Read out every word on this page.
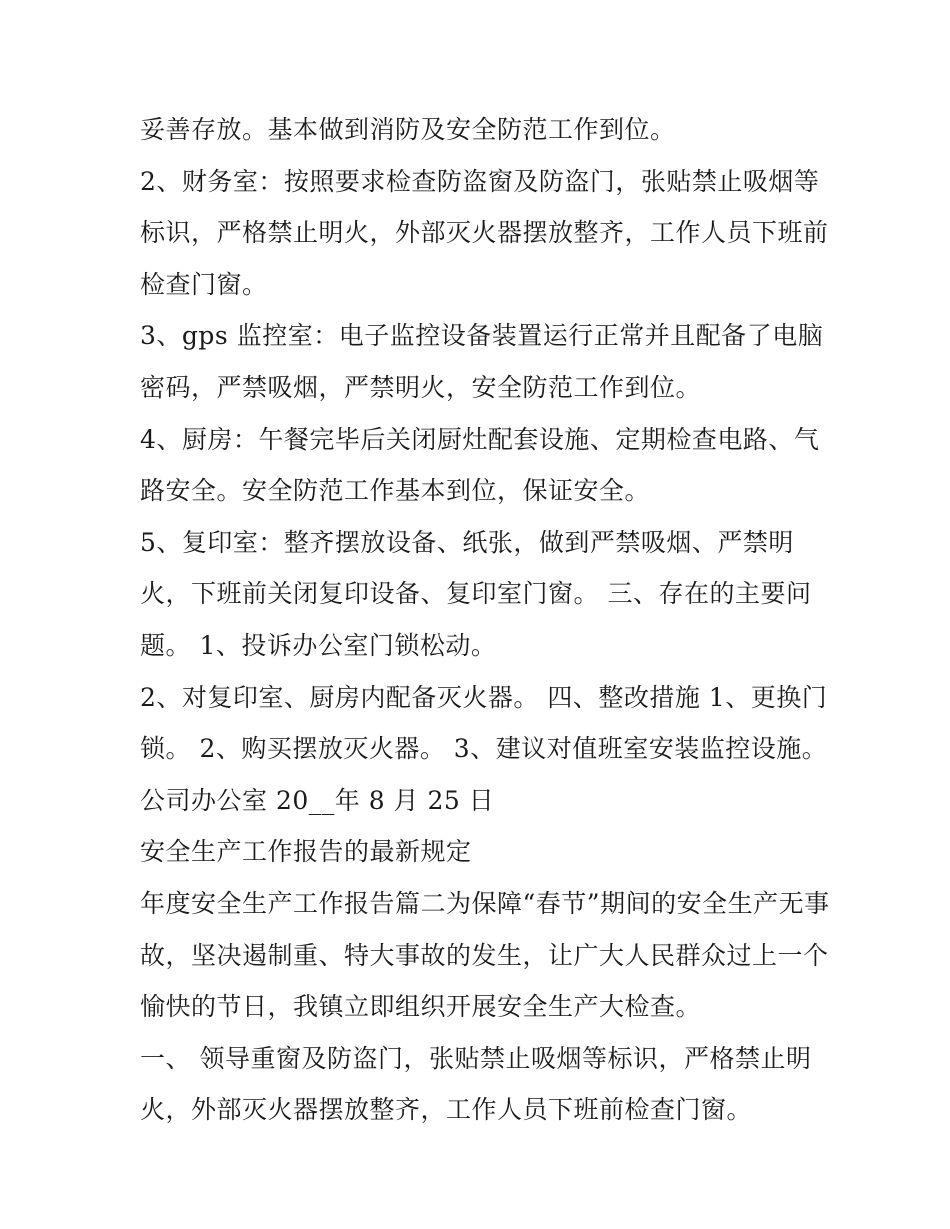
妥善存放。基本做到消防及安全防范工作到位。
2、财务室：按照要求检查防盗窗及防盗门，张贴禁止吸烟等
标识，严格禁止明火，外部灭火器摆放整齐，工作人员下班前
检查门窗。
3、gps 监控室：电子监控设备装置运行正常并且配备了电脑
密码，严禁吸烟，严禁明火，安全防范工作到位。
4、厨房：午餐完毕后关闭厨灶配套设施、定期检查电路、气
路安全。安全防范工作基本到位，保证安全。
5、复印室：整齐摆放设备、纸张，做到严禁吸烟、严禁明
火，下班前关闭复印设备、复印室门窗。 三、存在的主要问
题。 1、投诉办公室门锁松动。
2、对复印室、厨房内配备灭火器。 四、整改措施 1、更换门
锁。 2、购买摆放灭火器。 3、建议对值班室安装监控设施。
公司办公室 20__年 8 月 25 日
安全生产工作报告的最新规定
年度安全生产工作报告篇二为保障“春节”期间的安全生产无事
故，坚决遏制重、特大事故的发生，让广大人民群众过上一个
愉快的节日，我镇立即组织开展安全生产大检查。
一、 领导重窗及防盗门，张贴禁止吸烟等标识，严格禁止明
火，外部灭火器摆放整齐，工作人员下班前检查门窗。
